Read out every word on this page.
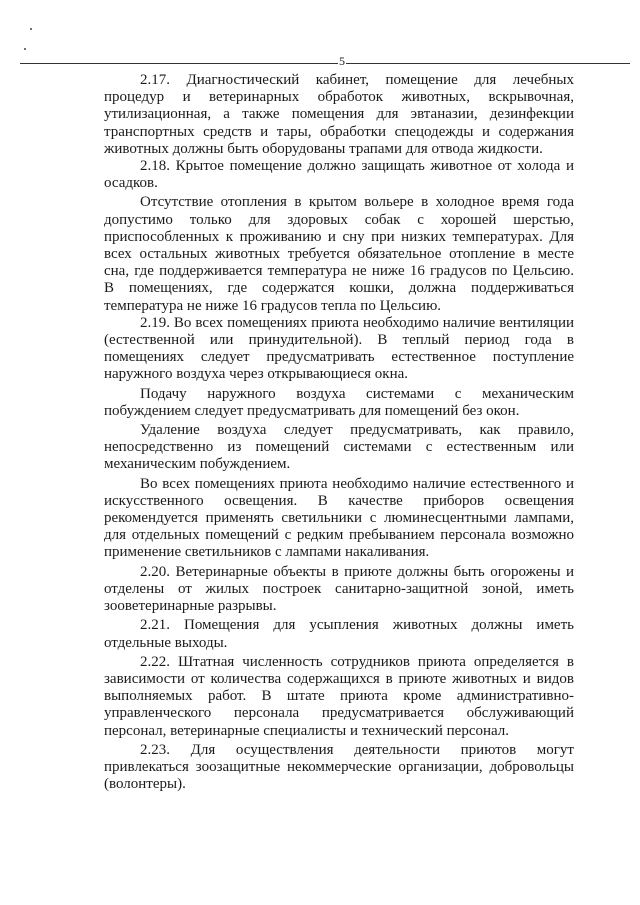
5

2.17. Диагностический кабинет, помещение для лечебных процедур и ветеринарных обработок животных, вскрывочная, утилизационная, а также помещения для эвтаназии, дезинфекции транспортных средств и тары, обработки спецодежды и содержания животных должны быть оборудованы трапами для отвода жидкости.

2.18. Крытое помещение должно защищать животное от холода и осадков.

Отсутствие отопления в крытом вольере в холодное время года допустимо только для здоровых собак с хорошей шерстью, приспособленных к проживанию и сну при низких температурах. Для всех остальных животных требуется обязательное отопление в месте сна, где поддерживается температура не ниже 16 градусов по Цельсию. В помещениях, где содержатся кошки, должна поддерживаться температура не ниже 16 градусов тепла по Цельсию.

2.19. Во всех помещениях приюта необходимо наличие вентиляции (естественной или принудительной). В теплый период года в помещениях следует предусматривать естественное поступление наружного воздуха через открывающиеся окна.

Подачу наружного воздуха системами с механическим побуждением следует предусматривать для помещений без окон.

Удаление воздуха следует предусматривать, как правило, непосредственно из помещений системами с естественным или механическим побуждением.

Во всех помещениях приюта необходимо наличие естественного и искусственного освещения. В качестве приборов освещения рекомендуется применять светильники с люминесцентными лампами, для отдельных помещений с редким пребыванием персонала возможно применение светильников с лампами накаливания.

2.20. Ветеринарные объекты в приюте должны быть огорожены и отделены от жилых построек санитарно-защитной зоной, иметь зооветеринарные разрывы.

2.21. Помещения для усыпления животных должны иметь отдельные выходы.

2.22. Штатная численность сотрудников приюта определяется в зависимости от количества содержащихся в приюте животных и видов выполняемых работ. В штате приюта кроме административно-управленческого персонала предусматривается обслуживающий персонал, ветеринарные специалисты и технический персонал.

2.23. Для осуществления деятельности приютов могут привлекаться зоозащитные некоммерческие организации, добровольцы (волонтеры).
